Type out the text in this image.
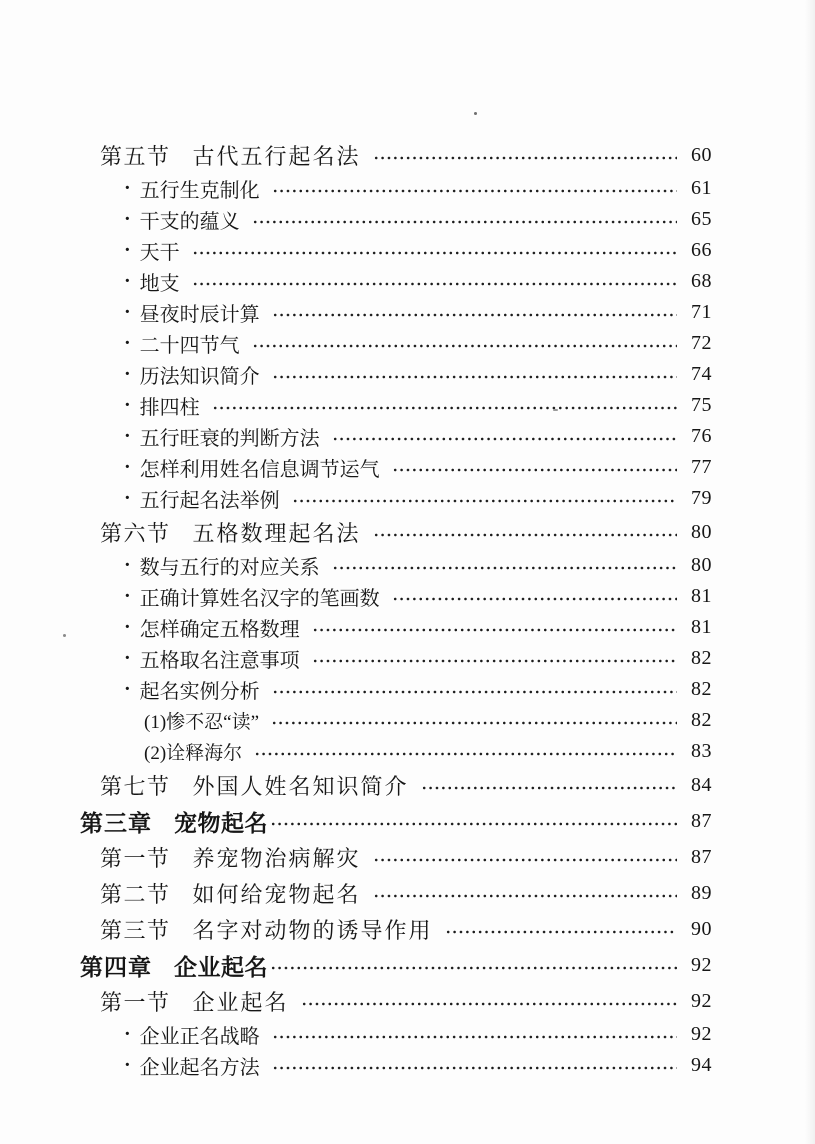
第五节 古代五行起名法	60
· 五行生克制化	61
· 干支的蕴义	65
· 天干	66
· 地支	68
· 昼夜时辰计算	71
· 二十四节气	72
· 历法知识简介	74
· 排四柱	75
· 五行旺衰的判断方法	76
· 怎样利用姓名信息调节运气	77
· 五行起名法举例	79
第六节 五格数理起名法	80
· 数与五行的对应关系	80
· 正确计算姓名汉字的笔画数	81
· 怎样确定五格数理	81
· 五格取名注意事项	82
· 起名实例分析	82
(1)惨不忍“读”	82
(2)诠释海尔	83
第七节 外国人姓名知识简介	84
第三章 宠物起名	87
第一节 养宠物治病解灾	87
第二节 如何给宠物起名	89
第三节 名字对动物的诱导作用	90
第四章 企业起名	92
第一节 企业起名	92
· 企业正名战略	92
· 企业起名方法	94
